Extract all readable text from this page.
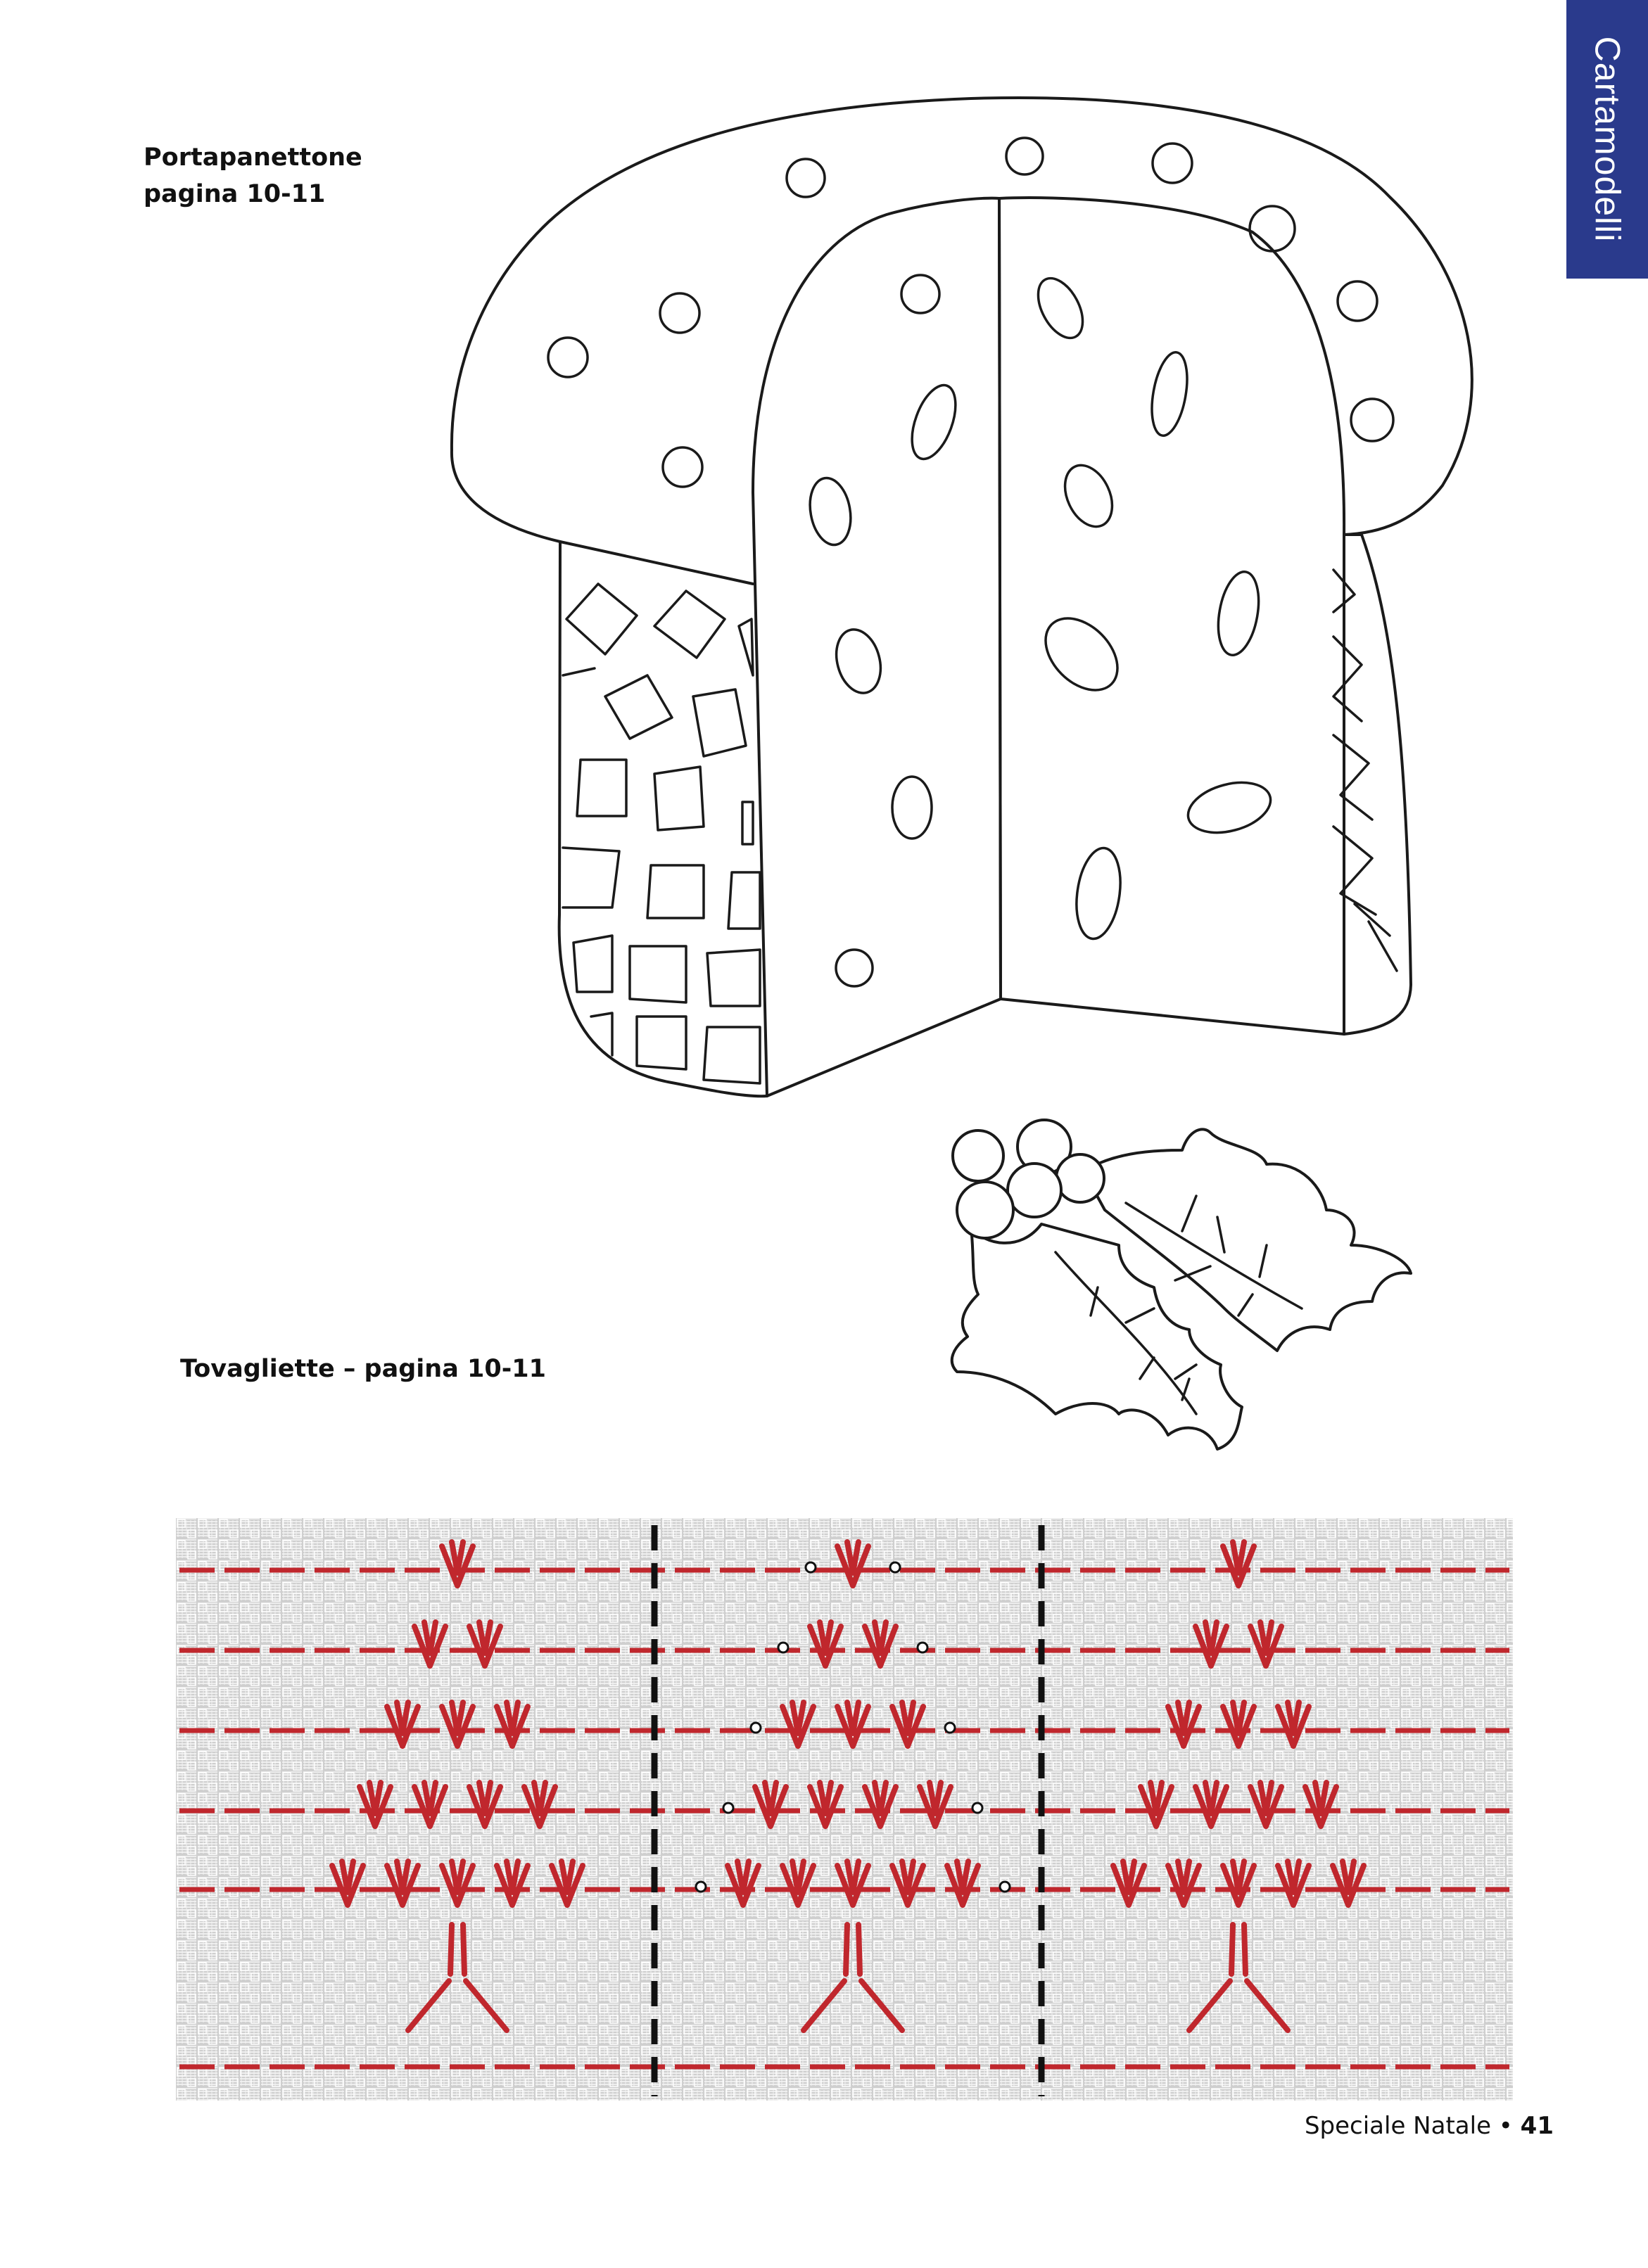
Cartamodelli
Portapanettone
pagina 10-11
Tovagliette – pagina 10-11
Speciale Natale • 41
